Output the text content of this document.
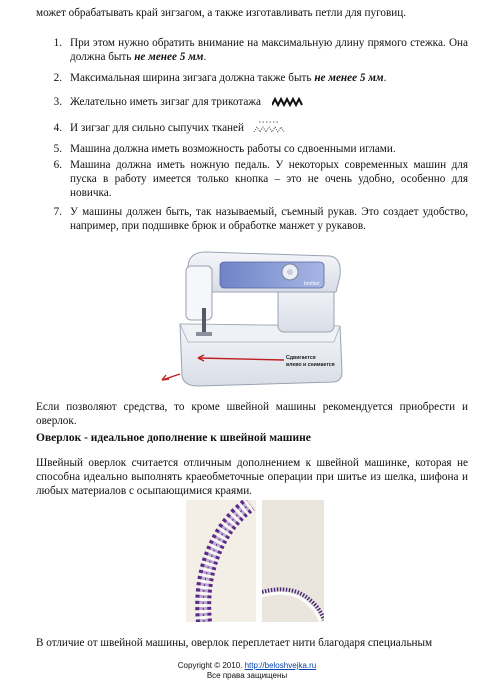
может обрабатывать край зигзагом, а также изготавливать петли для пуговиц.

1. При этом нужно обратить внимание на максимальную длину прямого стежка. Она должна быть не менее 5 мм.
2. Максимальная ширина зигзага должна также быть не менее 5 мм.
3. Желательно иметь зигзаг для трикотажа
4. И зигзаг для сильно сыпучих тканей
5. Машина должна иметь возможность работы со сдвоенными иглами.
6. Машина должна иметь ножную педаль. У некоторых современных машин для пуска в работу имеется только кнопка – это не очень удобно, особенно для новичка.
7. У машины должен быть, так называемый, съемный рукав. Это создает удобство, например, при подшивке брюк и обработке манжет у рукавов.
brother
Сдвигается
влево и снимается

Если позволяют средства, то кроме швейной машины рекомендуется приобрести и оверлок.

Оверлок - идеальное дополнение к швейной машине

Швейный оверлок считается отличным дополнением к швейной машинке, которая не способна идеально выполнять краеобметочные операции при шитье из шелка, шифона и любых материалов с осыпающимися краями.

В отличие от швейной машины, оверлок переплетает нити благодаря специальным

Copyright © 2010. http://beloshvejka.ru
Все права защищены
